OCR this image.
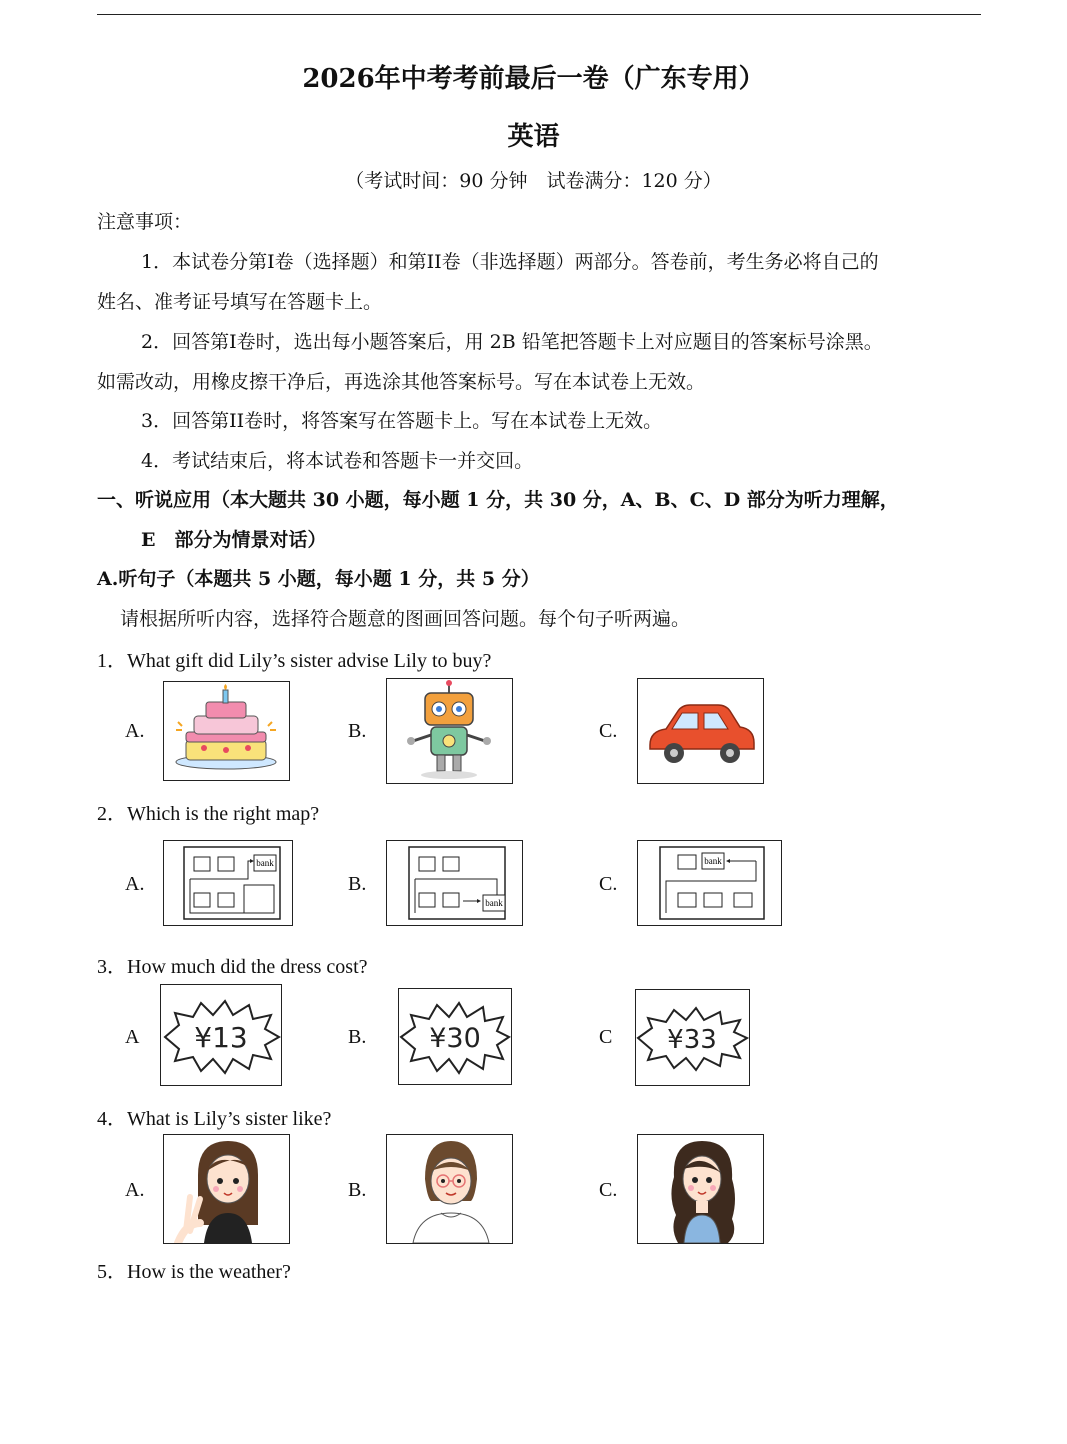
2026年中考考前最后一卷（广东专用）
英语
（考试时间：90 分钟　试卷满分：120 分）
注意事项：
1．本试卷分第I卷（选择题）和第II卷（非选择题）两部分。答卷前，考生务必将自己的
姓名、准考证号填写在答题卡上。
2．回答第I卷时，选出每小题答案后，用 2B 铅笔把答题卡上对应题目的答案标号涂黑。
如需改动，用橡皮擦干净后，再选涂其他答案标号。写在本试卷上无效。
3．回答第II卷时，将答案写在答题卡上。写在本试卷上无效。
4．考试结束后，将本试卷和答题卡一并交回。
一、听说应用（本大题共 30 小题，每小题 1 分，共 30 分，A、B、C、D 部分为听力理解，
E　部分为情景对话）
A.听句子（本题共 5 小题，每小题 1 分，共 5 分）
请根据所听内容，选择符合题意的图画回答问题。每个句子听两遍。
1．What gift did Lily’s sister advise Lily to buy?
A.	B.	C.
2．Which is the right map?
A.
bank
B.
bank
C.
bank
3．How much did the dress cost?
A ¥13	B. ¥30	C ¥33
4．What is Lily’s sister like?
A.	B.	C.
5．How is the weather?
